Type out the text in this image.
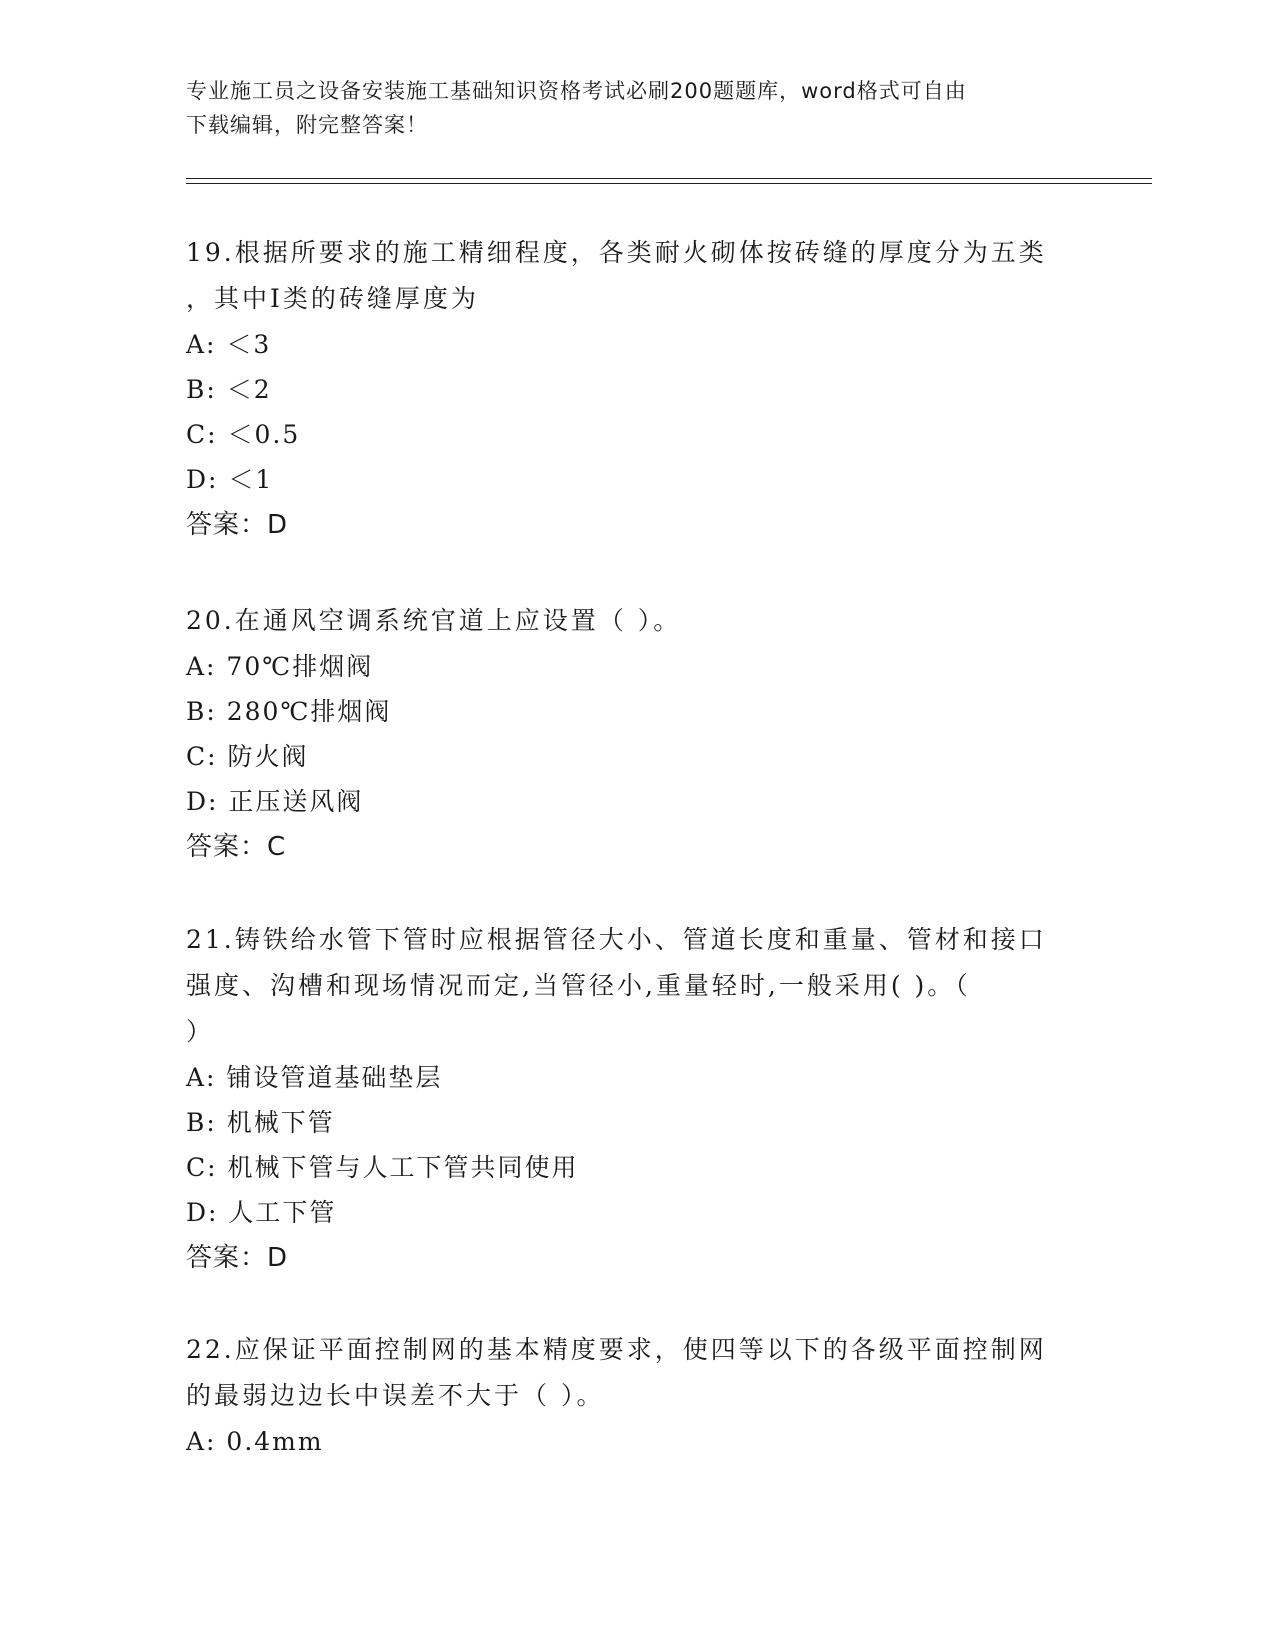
专业施工员之设备安装施工基础知识资格考试必刷200题题库，word格式可自由
下载编辑，附完整答案！

19.根据所要求的施工精细程度，各类耐火砌体按砖缝的厚度分为五类

，其中Ⅰ类的砖缝厚度为

A: ＜3

B: ＜2

C: ＜0.5

D: ＜1

答案：D

20.在通风空调系统官道上应设置（ ）。

A: 70℃排烟阀

B: 280℃排烟阀

C: 防火阀

D: 正压送风阀

答案：C

21.铸铁给水管下管时应根据管径大小、管道长度和重量、管材和接口

强度、沟槽和现场情况而定,当管径小,重量轻时,一般采用( )。（

）

A: 铺设管道基础垫层

B: 机械下管

C: 机械下管与人工下管共同使用

D: 人工下管

答案：D

22.应保证平面控制网的基本精度要求，使四等以下的各级平面控制网

的最弱边边长中误差不大于（ ）。

A: 0.4mm
